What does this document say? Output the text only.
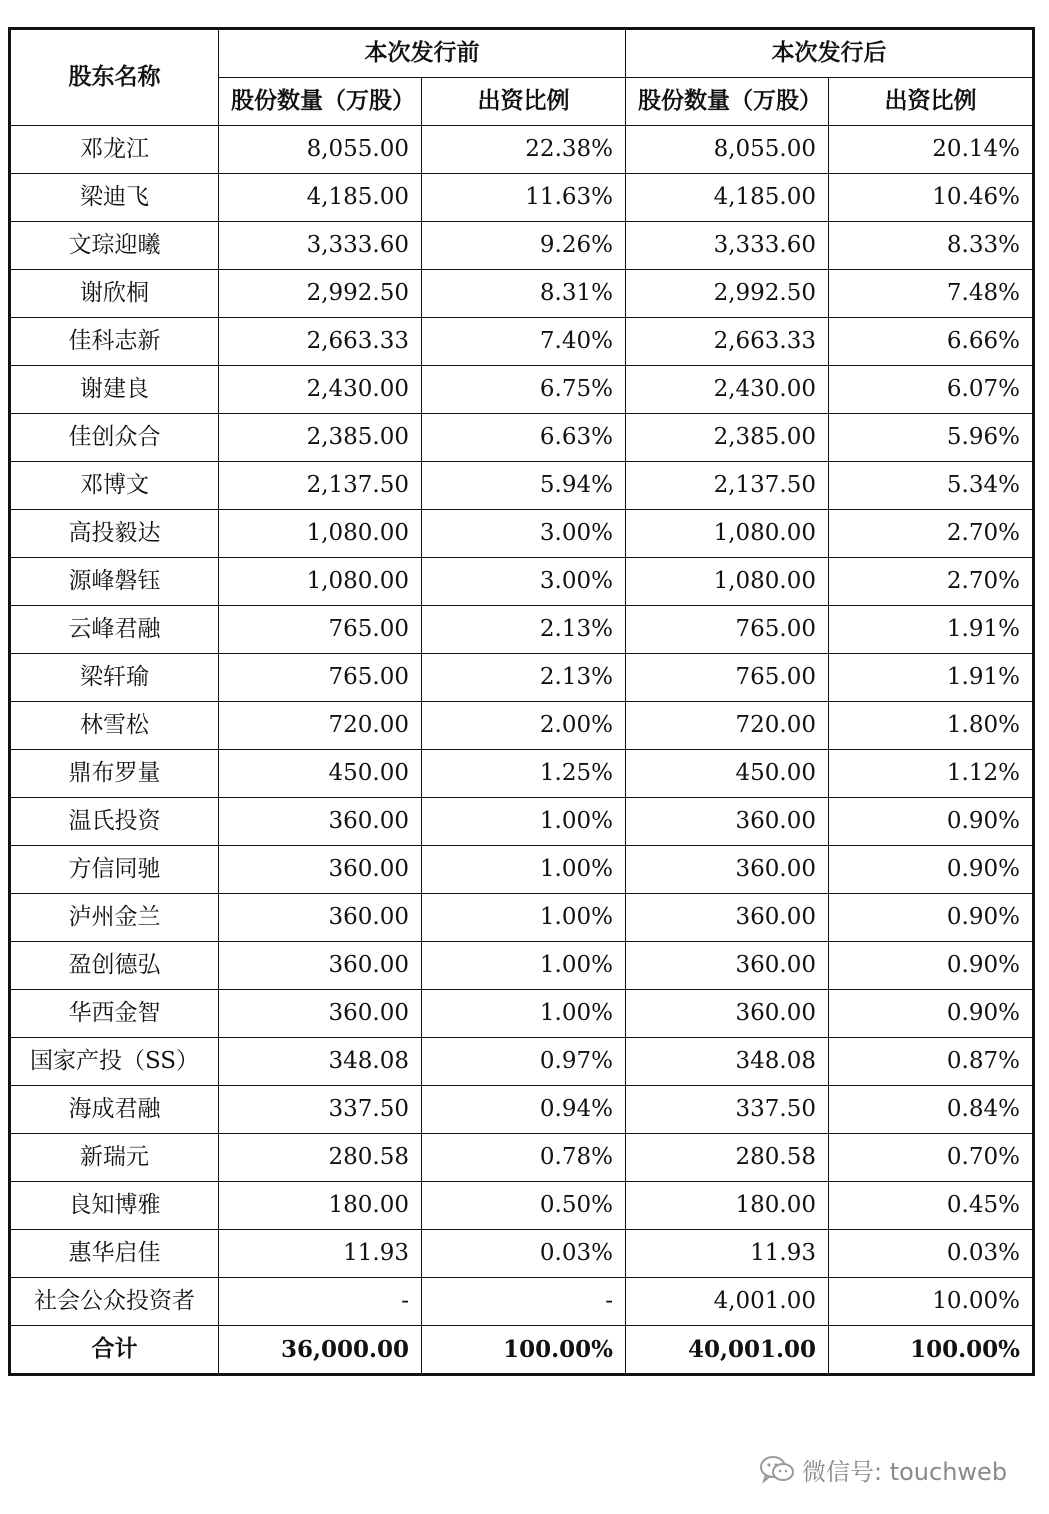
股东名称	本次发行前		本次发行后	
	股份数量（万股）	出资比例	股份数量（万股）	出资比例
邓龙江	8,055.00	22.38%	8,055.00	20.14%
梁迪飞	4,185.00	11.63%	4,185.00	10.46%
文琮迎曦	3,333.60	9.26%	3,333.60	8.33%
谢欣桐	2,992.50	8.31%	2,992.50	7.48%
佳科志新	2,663.33	7.40%	2,663.33	6.66%
谢建良	2,430.00	6.75%	2,430.00	6.07%
佳创众合	2,385.00	6.63%	2,385.00	5.96%
邓博文	2,137.50	5.94%	2,137.50	5.34%
高投毅达	1,080.00	3.00%	1,080.00	2.70%
源峰磐钰	1,080.00	3.00%	1,080.00	2.70%
云峰君融	765.00	2.13%	765.00	1.91%
梁轩瑜	765.00	2.13%	765.00	1.91%
林雪松	720.00	2.00%	720.00	1.80%
鼎布罗量	450.00	1.25%	450.00	1.12%
温氏投资	360.00	1.00%	360.00	0.90%
方信同驰	360.00	1.00%	360.00	0.90%
泸州金兰	360.00	1.00%	360.00	0.90%
盈创德弘	360.00	1.00%	360.00	0.90%
华西金智	360.00	1.00%	360.00	0.90%
国家产投（SS）	348.08	0.97%	348.08	0.87%
海成君融	337.50	0.94%	337.50	0.84%
新瑞元	280.58	0.78%	280.58	0.70%
良知博雅	180.00	0.50%	180.00	0.45%
惠华启佳	11.93	0.03%	11.93	0.03%
社会公众投资者	-	-	4,001.00	10.00%
合计	36,000.00	100.00%	40,001.00	100.00%
微信号: touchweb
